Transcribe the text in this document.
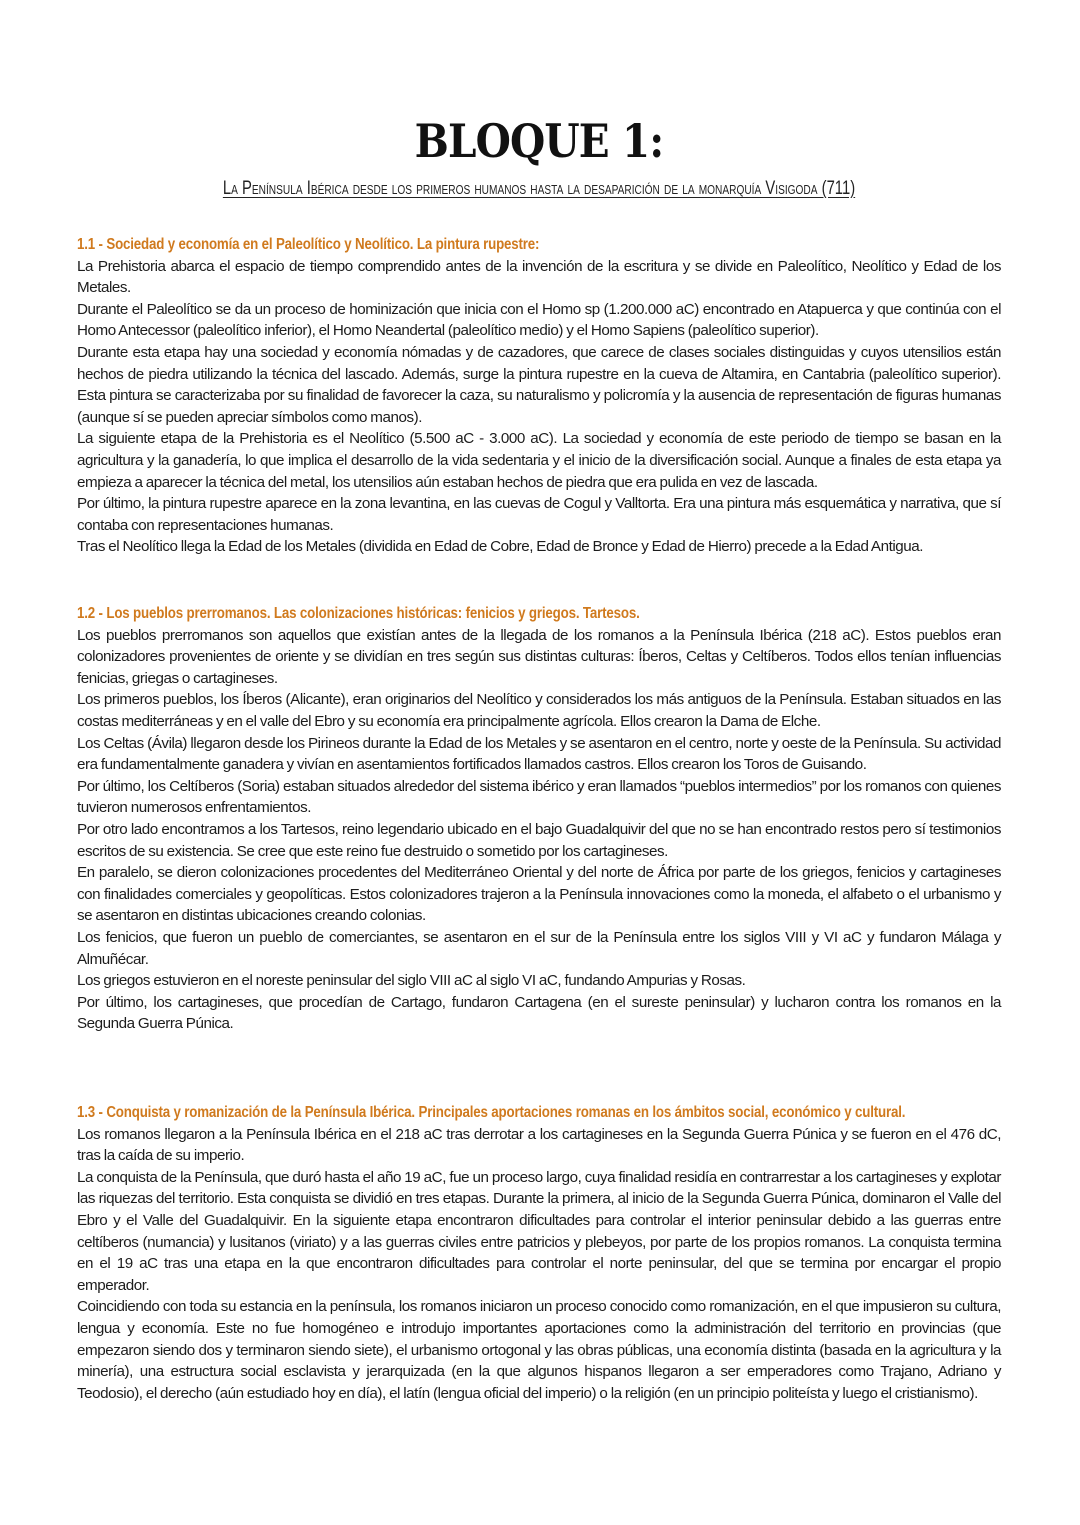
BLOQUE 1:
La Península Ibérica desde los primeros humanos hasta la desaparición de la monarquía Visigoda (711)
1.1 - Sociedad y economía en el Paleolítico y Neolítico. La pintura rupestre:

La Prehistoria abarca el espacio de tiempo comprendido antes de la invención de la escritura y se divide en Paleolítico, Neolítico y Edad de los Metales.

Durante el Paleolítico se da un proceso de hominización que inicia con el Homo sp (1.200.000 aC) encontrado en Atapuerca y que continúa con el Homo Antecessor (paleolítico inferior), el Homo Neandertal (paleolítico medio) y el Homo Sapiens (paleolítico superior).

Durante esta etapa hay una sociedad y economía nómadas y de cazadores, que carece de clases sociales distinguidas y cuyos utensilios están hechos de piedra utilizando la técnica del lascado. Además, surge la pintura rupestre en la cueva de Altamira, en Cantabria (paleolítico superior). Esta pintura se caracterizaba por su finalidad de favorecer la caza, su naturalismo y policromía y la ausencia de representación de figuras humanas (aunque sí se pueden apreciar símbolos como manos).

La siguiente etapa de la Prehistoria es el Neolítico (5.500 aC - 3.000 aC). La sociedad y economía de este periodo de tiempo se basan en la agricultura y la ganadería, lo que implica el desarrollo de la vida sedentaria y el inicio de la diversificación social. Aunque a finales de esta etapa ya empieza a aparecer la técnica del metal, los utensilios aún estaban hechos de piedra que era pulida en vez de lascada.

Por último, la pintura rupestre aparece en la zona levantina, en las cuevas de Cogul y Valltorta. Era una pintura más esquemática y narrativa, que sí contaba con representaciones humanas.

Tras el Neolítico llega la Edad de los Metales (dividida en Edad de Cobre, Edad de Bronce y Edad de Hierro) precede a la Edad Antigua.

1.2 - Los pueblos prerromanos. Las colonizaciones históricas: fenicios y griegos. Tartesos.

Los pueblos prerromanos son aquellos que existían antes de la llegada de los romanos a la Península Ibérica (218 aC). Estos pueblos eran colonizadores provenientes de oriente y se dividían en tres según sus distintas culturas: Íberos, Celtas y Celtíberos. Todos ellos tenían influencias fenicias, griegas o cartagineses.

Los primeros pueblos, los Íberos (Alicante), eran originarios del Neolítico y considerados los más antiguos de la Península. Estaban situados en las costas mediterráneas y en el valle del Ebro y su economía era principalmente agrícola. Ellos crearon la Dama de Elche.

Los Celtas (Ávila) llegaron desde los Pirineos durante la Edad de los Metales y se asentaron en el centro, norte y oeste de la Península. Su actividad era fundamentalmente ganadera y vivían en asentamientos fortificados llamados castros. Ellos crearon los Toros de Guisando.

Por último, los Celtíberos (Soria) estaban situados alrededor del sistema ibérico y eran llamados “pueblos intermedios” por los romanos con quienes tuvieron numerosos enfrentamientos.

Por otro lado encontramos a los Tartesos, reino legendario ubicado en el bajo Guadalquivir del que no se han encontrado restos pero sí testimonios escritos de su existencia. Se cree que este reino fue destruido o sometido por los cartagineses.

En paralelo, se dieron colonizaciones procedentes del Mediterráneo Oriental y del norte de África por parte de los griegos, fenicios y cartagineses con finalidades comerciales y geopolíticas. Estos colonizadores trajeron a la Península innovaciones como la moneda, el alfabeto o el urbanismo y se asentaron en distintas ubicaciones creando colonias.

Los fenicios, que fueron un pueblo de comerciantes, se asentaron en el sur de la Península entre los siglos VIII y VI aC y fundaron Málaga y Almuñécar.

Los griegos estuvieron en el noreste peninsular del siglo VIII aC al siglo VI aC, fundando Ampurias y Rosas.

Por último, los cartagineses, que procedían de Cartago, fundaron Cartagena (en el sureste peninsular) y lucharon contra los romanos en la Segunda Guerra Púnica.

1.3 - Conquista y romanización de la Península Ibérica. Principales aportaciones romanas en los ámbitos social, económico y cultural.

Los romanos llegaron a la Península Ibérica en el 218 aC tras derrotar a los cartagineses en la Segunda Guerra Púnica y se fueron en el 476 dC, tras la caída de su imperio.

La conquista de la Península, que duró hasta el año 19 aC, fue un proceso largo, cuya finalidad residía en contrarrestar a los cartagineses y explotar las riquezas del territorio. Esta conquista se dividió en tres etapas. Durante la primera, al inicio de la Segunda Guerra Púnica, dominaron el Valle del Ebro y el Valle del Guadalquivir. En la siguiente etapa encontraron dificultades para controlar el interior peninsular debido a las guerras entre celtíberos (numancia) y lusitanos (viriato) y a las guerras civiles entre patricios y plebeyos, por parte de los propios romanos. La conquista termina en el 19 aC tras una etapa en la que encontraron dificultades para controlar el norte peninsular, del que se termina por encargar el propio emperador.

Coincidiendo con toda su estancia en la península, los romanos iniciaron un proceso conocido como romanización, en el que impusieron su cultura, lengua y economía. Este no fue homogéneo e introdujo importantes aportaciones como la administración del territorio en provincias (que empezaron siendo dos y terminaron siendo siete), el urbanismo ortogonal y las obras públicas, una economía distinta (basada en la agricultura y la minería), una estructura social esclavista y jerarquizada (en la que algunos hispanos llegaron a ser emperadores como Trajano, Adriano y Teodosio), el derecho (aún estudiado hoy en día), el latín (lengua oficial del imperio) o la religión (en un principio politeísta y luego el cristianismo).
